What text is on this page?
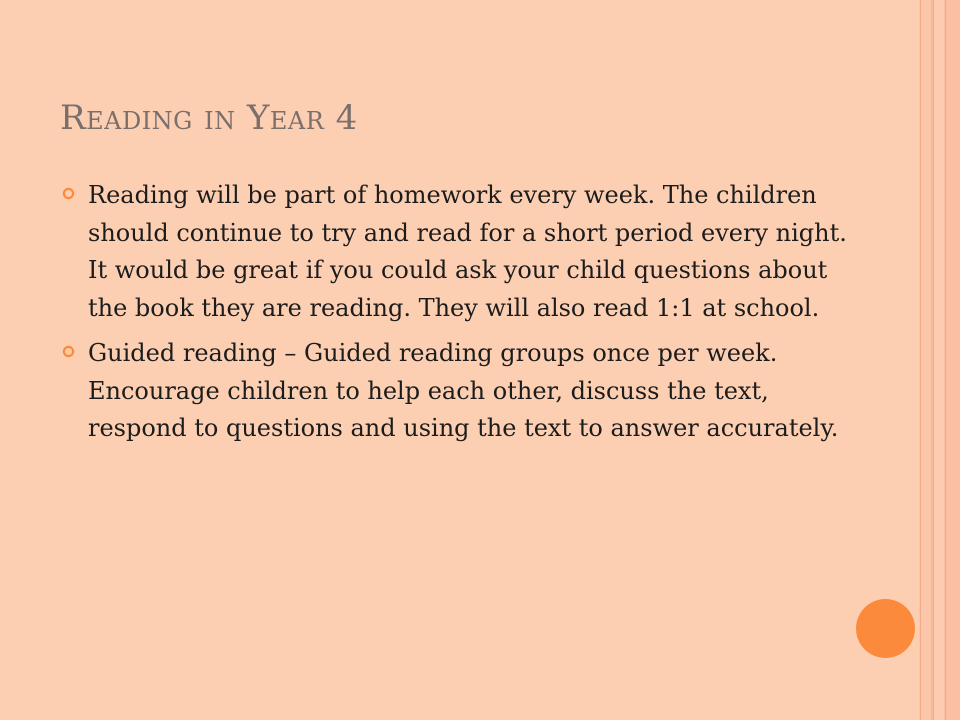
Reading in Year 4
Reading will be part of homework every week. The children should continue to try and read for a short period every night. It would be great if you could ask your child questions about the book they are reading. They will also read 1:1 at school.
Guided reading – Guided reading groups once per week. Encourage children to help each other, discuss the text, respond to questions and using the text to answer accurately.
